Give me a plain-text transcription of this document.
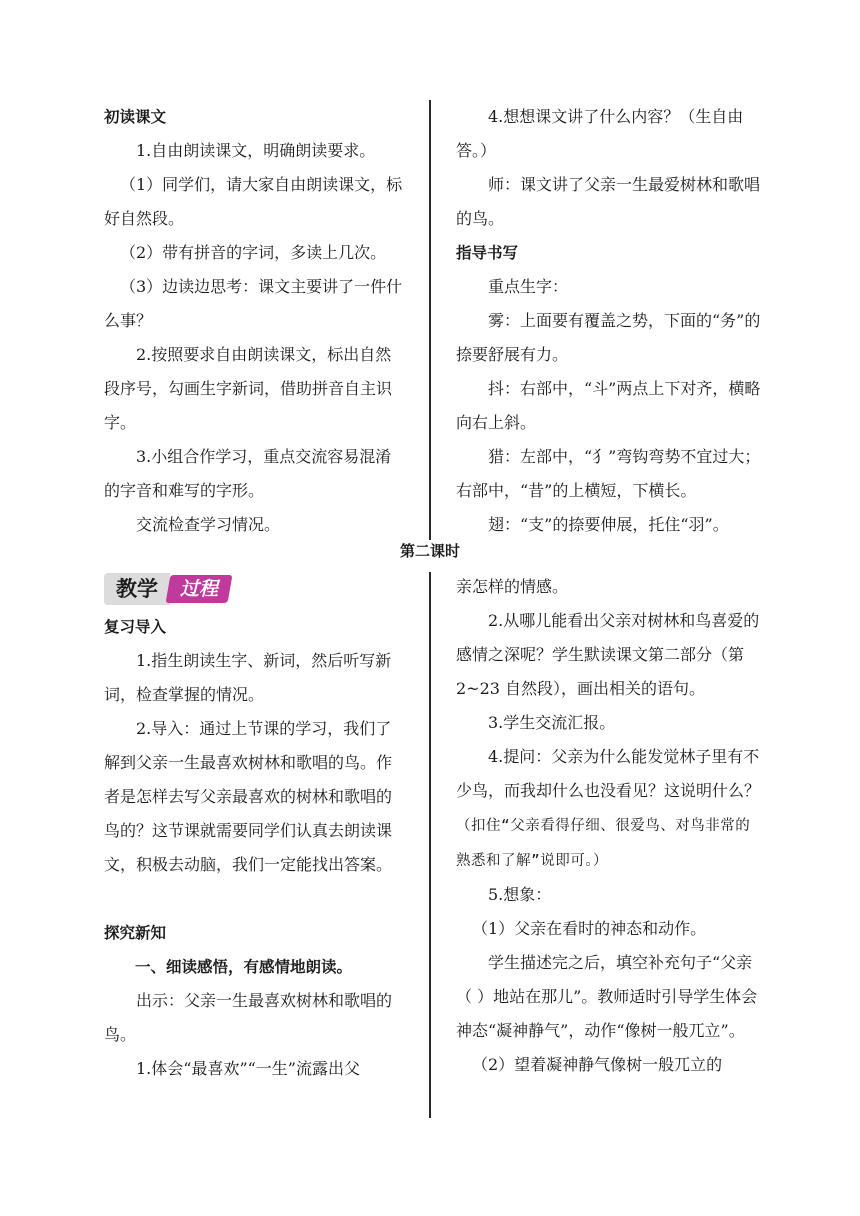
初读课文

1.自由朗读课文，明确朗读要求。

（1）同学们，请大家自由朗读课文，标好自然段。

（2）带有拼音的字词，多读上几次。

（3）边读边思考：课文主要讲了一件什么事？

2.按照要求自由朗读课文，标出自然段序号，勾画生字新词，借助拼音自主识字。

3.小组合作学习，重点交流容易混淆的字音和难写的字形。

交流检查学习情况。

4.想想课文讲了什么内容？（生自由答。）

师：课文讲了父亲一生最爱树林和歌唱的鸟。

指导书写

重点生字：

雾：上面要有覆盖之势，下面的“务”的捺要舒展有力。

抖：右部中，“斗”两点上下对齐，横略向右上斜。

猎：左部中，“犭”弯钩弯势不宜过大；右部中，“昔”的上横短，下横长。

翅：“支”的捺要伸展，托住“羽”。

第二课时
教学	过程

复习导入

1.指生朗读生字、新词，然后听写新词，检查掌握的情况。

2.导入：通过上节课的学习，我们了解到父亲一生最喜欢树林和歌唱的鸟。作者是怎样去写父亲最喜欢的树林和歌唱的鸟的？这节课就需要同学们认真去朗读课文，积极去动脑，我们一定能找出答案。

探究新知

一、细读感悟，有感情地朗读。

出示：父亲一生最喜欢树林和歌唱的鸟。

1.体会“最喜欢”“一生”流露出父

亲怎样的情感。

2.从哪儿能看出父亲对树林和鸟喜爱的感情之深呢？学生默读课文第二部分（第 2~23 自然段），画出相关的语句。

3.学生交流汇报。

4.提问：父亲为什么能发觉林子里有不少鸟，而我却什么也没看见？这说明什么？（扣住“父亲看得仔细、很爱鸟、对鸟非常的熟悉和了解”说即可。）

5.想象：

（1）父亲在看时的神态和动作。

学生描述完之后，填空补充句子“父亲（ ）地站在那儿”。教师适时引导学生体会神态“凝神静气”，动作“像树一般兀立”。

（2）望着凝神静气像树一般兀立的
